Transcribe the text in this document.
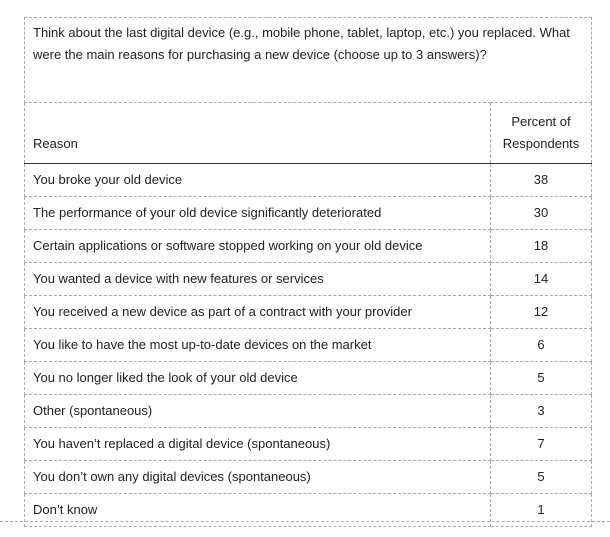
Think about the last digital device (e.g., mobile phone, tablet, laptop, etc.) you replaced. What were the main reasons for purchasing a new device (choose up to 3 answers)?	
Reason	Percent of
Respondents

You broke your old device	38
The performance of your old device significantly deteriorated	30
Certain applications or software stopped working on your old device	18
You wanted a device with new features or services	14
You received a new device as part of a contract with your provider	12
You like to have the most up-to-date devices on the market	6
You no longer liked the look of your old device	5
Other (spontaneous)	3
You haven’t replaced a digital device (spontaneous)	7
You don’t own any digital devices (spontaneous)	5
Don’t know	1
